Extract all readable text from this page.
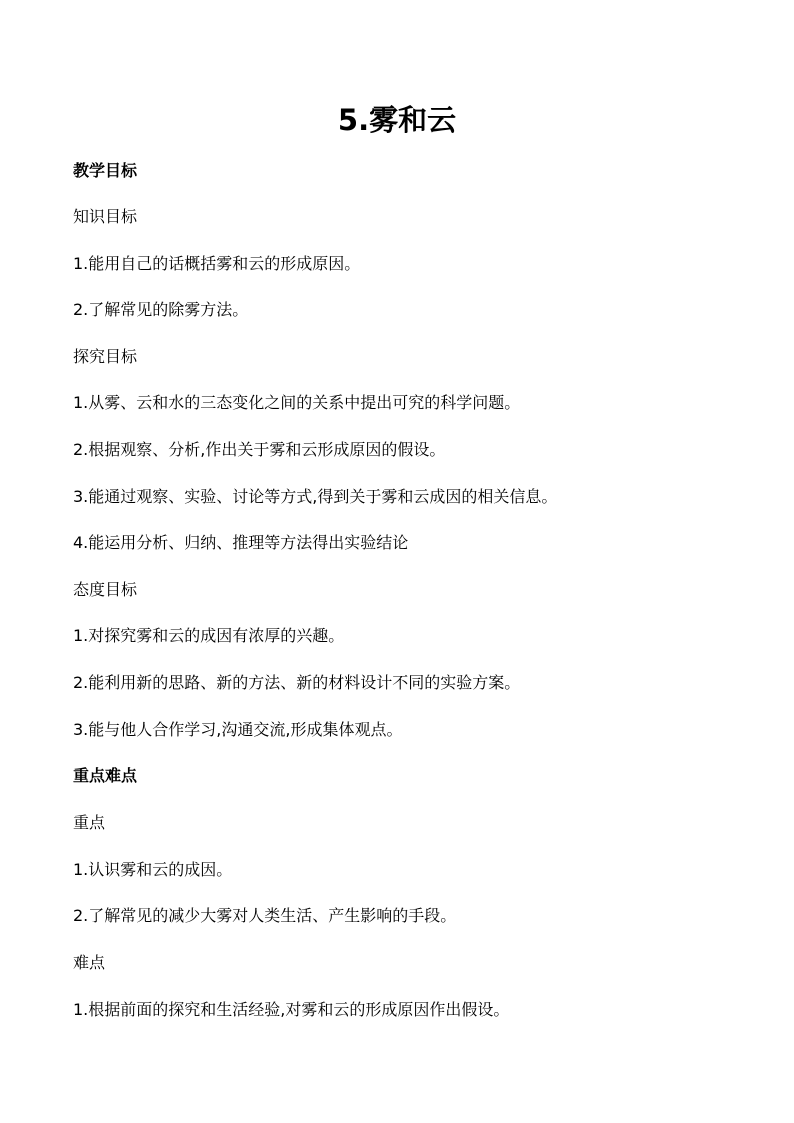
5.雾和云

教学目标

知识目标

1.能用自己的话概括雾和云的形成原因。

2.了解常见的除雾方法。

探究目标

1.从雾、云和水的三态变化之间的关系中提出可究的科学问题。

2.根据观察、分析,作出关于雾和云形成原因的假设。

3.能通过观察、实验、讨论等方式,得到关于雾和云成因的相关信息。

4.能运用分析、归纳、推理等方法得出实验结论

态度目标

1.对探究雾和云的成因有浓厚的兴趣。

2.能利用新的思路、新的方法、新的材料设计不同的实验方案。

3.能与他人合作学习,沟通交流,形成集体观点。

重点难点

重点

1.认识雾和云的成因。

2.了解常见的减少大雾对人类生活、产生影响的手段。

难点

1.根据前面的探究和生活经验,对雾和云的形成原因作出假设。
